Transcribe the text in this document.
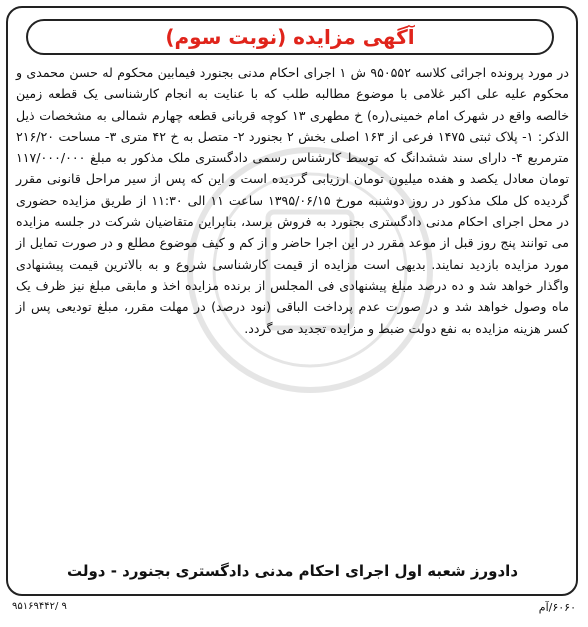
آگهی مزایده (نوبت سوم)
در مورد پرونده اجرائی کلاسه ۹۵۰۵۵۲ ش ۱ اجرای احکام مدنی بجنورد فیمابین محکوم له حسن محمدی و محکوم علیه علی اکبر غلامی با موضوع مطالبه طلب که با عنایت به انجام کارشناسی یک قطعه زمین خالصه واقع در شهرک امام خمینی(ره) خ مطهری ۱۳ کوچه قربانی قطعه چهارم شمالی به مشخصات ذیل الذکر: ۱- پلاک ثبتی ۱۴۷۵ فرعی از ۱۶۳ اصلی بخش ۲ بجنورد ۲- متصل به خ ۴۲ متری ۳- مساحت ۲۱۶/۲۰ مترمربع ۴- دارای سند ششدانگ که توسط کارشناس رسمی دادگستری ملک مذکور به مبلغ ۱۱۷/۰۰۰/۰۰۰ تومان معادل یکصد و هفده میلیون تومان ارزیابی گردیده است و این که پس از سیر مراحل قانونی مقرر گردیده کل ملک مذکور در روز دوشنبه مورخ ۱۳۹۵/۰۶/۱۵ ساعت ۱۱ الی ۱۱:۳۰ از طریق مزایده حضوری در محل اجرای احکام مدنی دادگستری بجنورد به فروش برسد، بنابراین متقاضیان شرکت در جلسه مزایده می توانند پنج روز قبل از موعد مقرر در این اجرا حاضر و از کم و کیف موضوع مطلع و در صورت تمایل از مورد مزایده بازدید نمایند. بدیهی است مزایده از قیمت کارشناسی شروع و به بالاترین قیمت پیشنهادی واگذار خواهد شد و ده درصد مبلغ پیشنهادی فی المجلس از برنده مزایده اخذ و مابقی مبلغ نیز ظرف یک ماه وصول خواهد شد و در صورت عدم پرداخت الباقی (نود درصد) در مهلت مقرر، مبلغ تودیعی پس از کسر هزینه مزایده به نفع دولت ضبط و مزایده تجدید می گردد.
دادورز شعبه اول اجرای احکام مدنی دادگستری بجنورد - دولت
۶۰۶۰/آم
۹۵۱۶۹۴۴۲/ ۹
